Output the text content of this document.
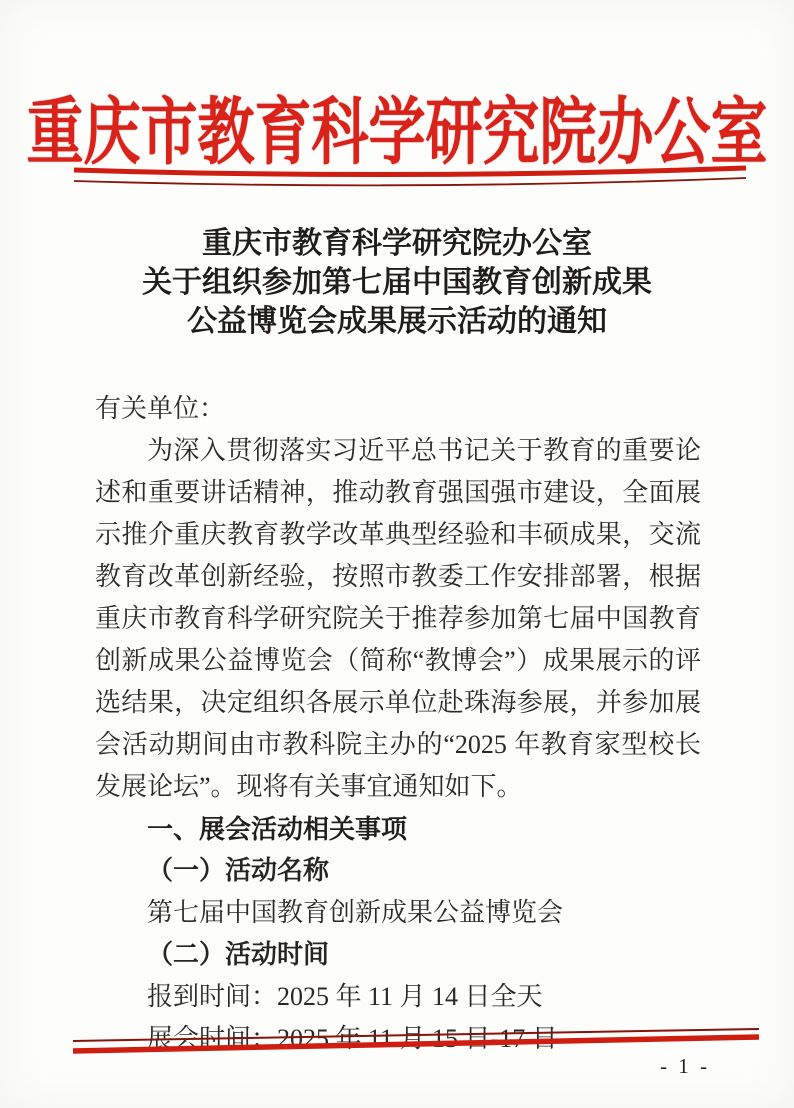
重庆市教育科学研究院办公室
重庆市教育科学研究院办公室
关于组织参加第七届中国教育创新成果
公益博览会成果展示活动的通知
有关单位：
为深入贯彻落实习近平总书记关于教育的重要论述和重要讲话精神，推动教育强国强市建设，全面展示推介重庆教育教学改革典型经验和丰硕成果，交流教育改革创新经验，按照市教委工作安排部署，根据重庆市教育科学研究院关于推荐参加第七届中国教育创新成果公益博览会（简称“教博会”）成果展示的评选结果，决定组织各展示单位赴珠海参展，并参加展会活动期间由市教科院主办的“2025 年教育家型校长发展论坛”。现将有关事宜通知如下。
一、展会活动相关事项
（一）活动名称
第七届中国教育创新成果公益博览会
（二）活动时间
报到时间：2025 年 11 月 14 日全天
展会时间：2025 年 11 月 15 日-17 日
- 1 -
